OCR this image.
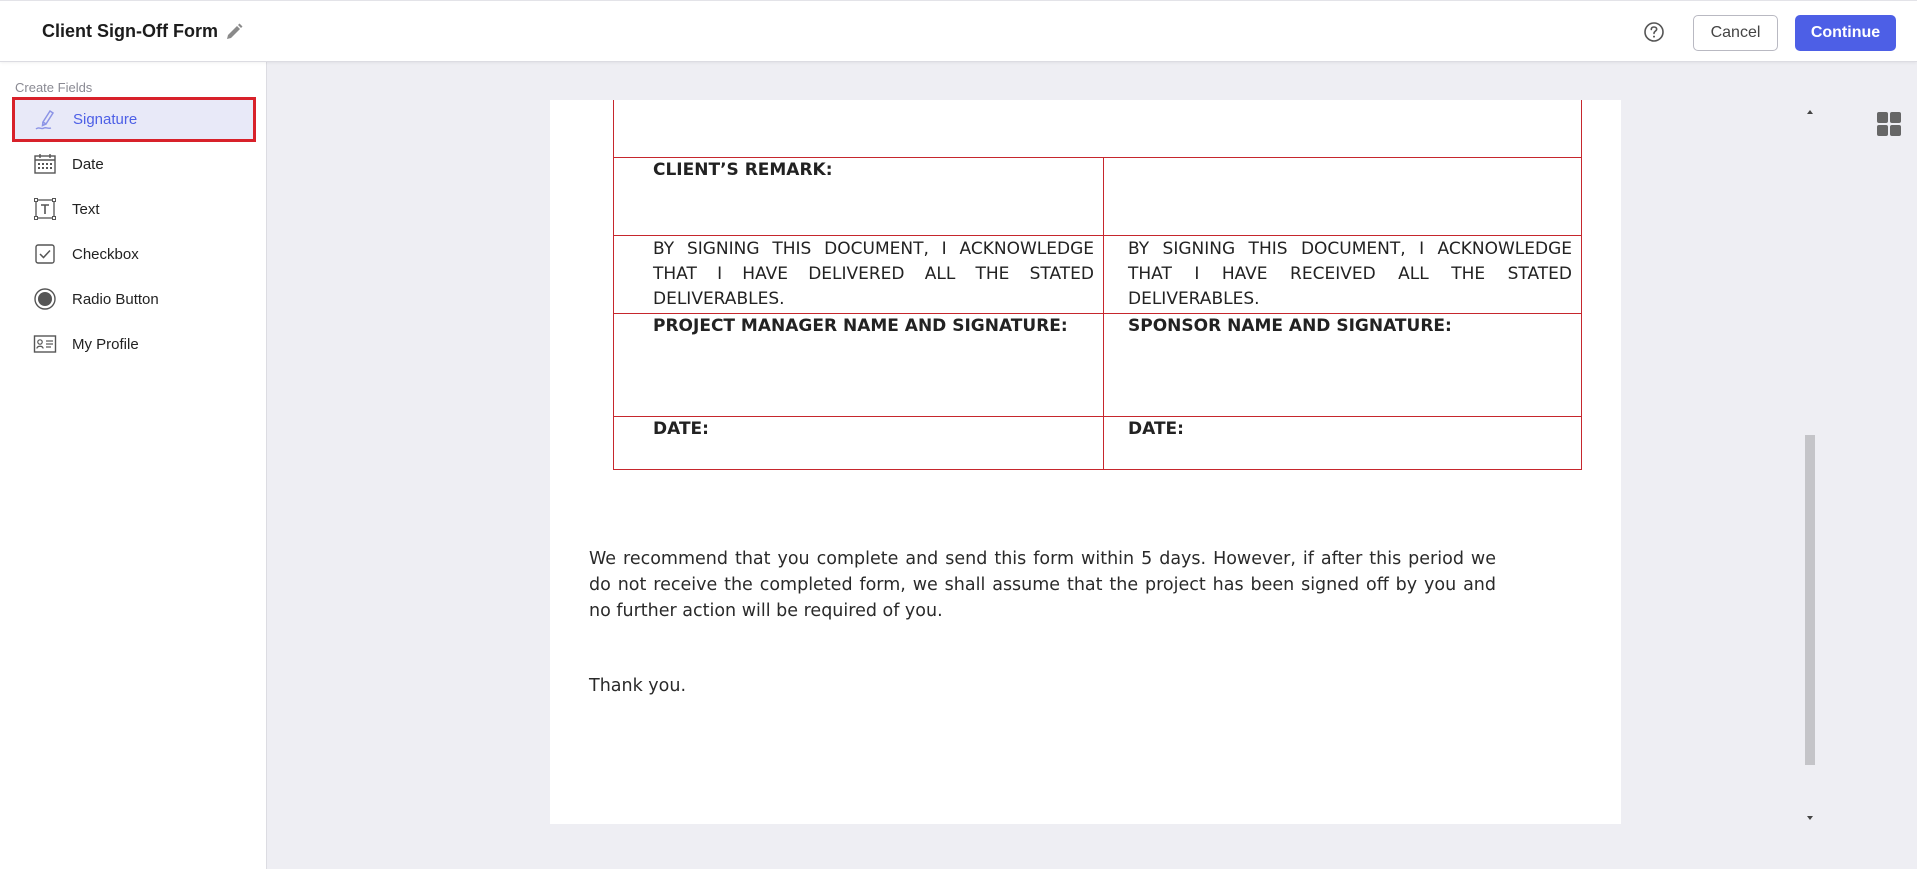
Client Sign-Off Form	Cancel	Continue
Create Fields
Signature
Date
Text
Checkbox
Radio Button
My Profile

CLIENT’S REMARK:	

BY SIGNING THIS DOCUMENT, I ACKNOWLEDGE THAT I HAVE DELIVERED ALL THE STATED DELIVERABLES.	BY SIGNING THIS DOCUMENT, I ACKNOWLEDGE THAT I HAVE RECEIVED ALL THE STATED DELIVERABLES.

PROJECT MANAGER NAME AND SIGNATURE:	SPONSOR NAME AND SIGNATURE:
DATE:	DATE:
We recommend that you complete and send this form within 5 days. However, if after this period we do not receive the completed form, we shall assume that the project has been signed off by you and no further action will be required of you.
Thank you.
